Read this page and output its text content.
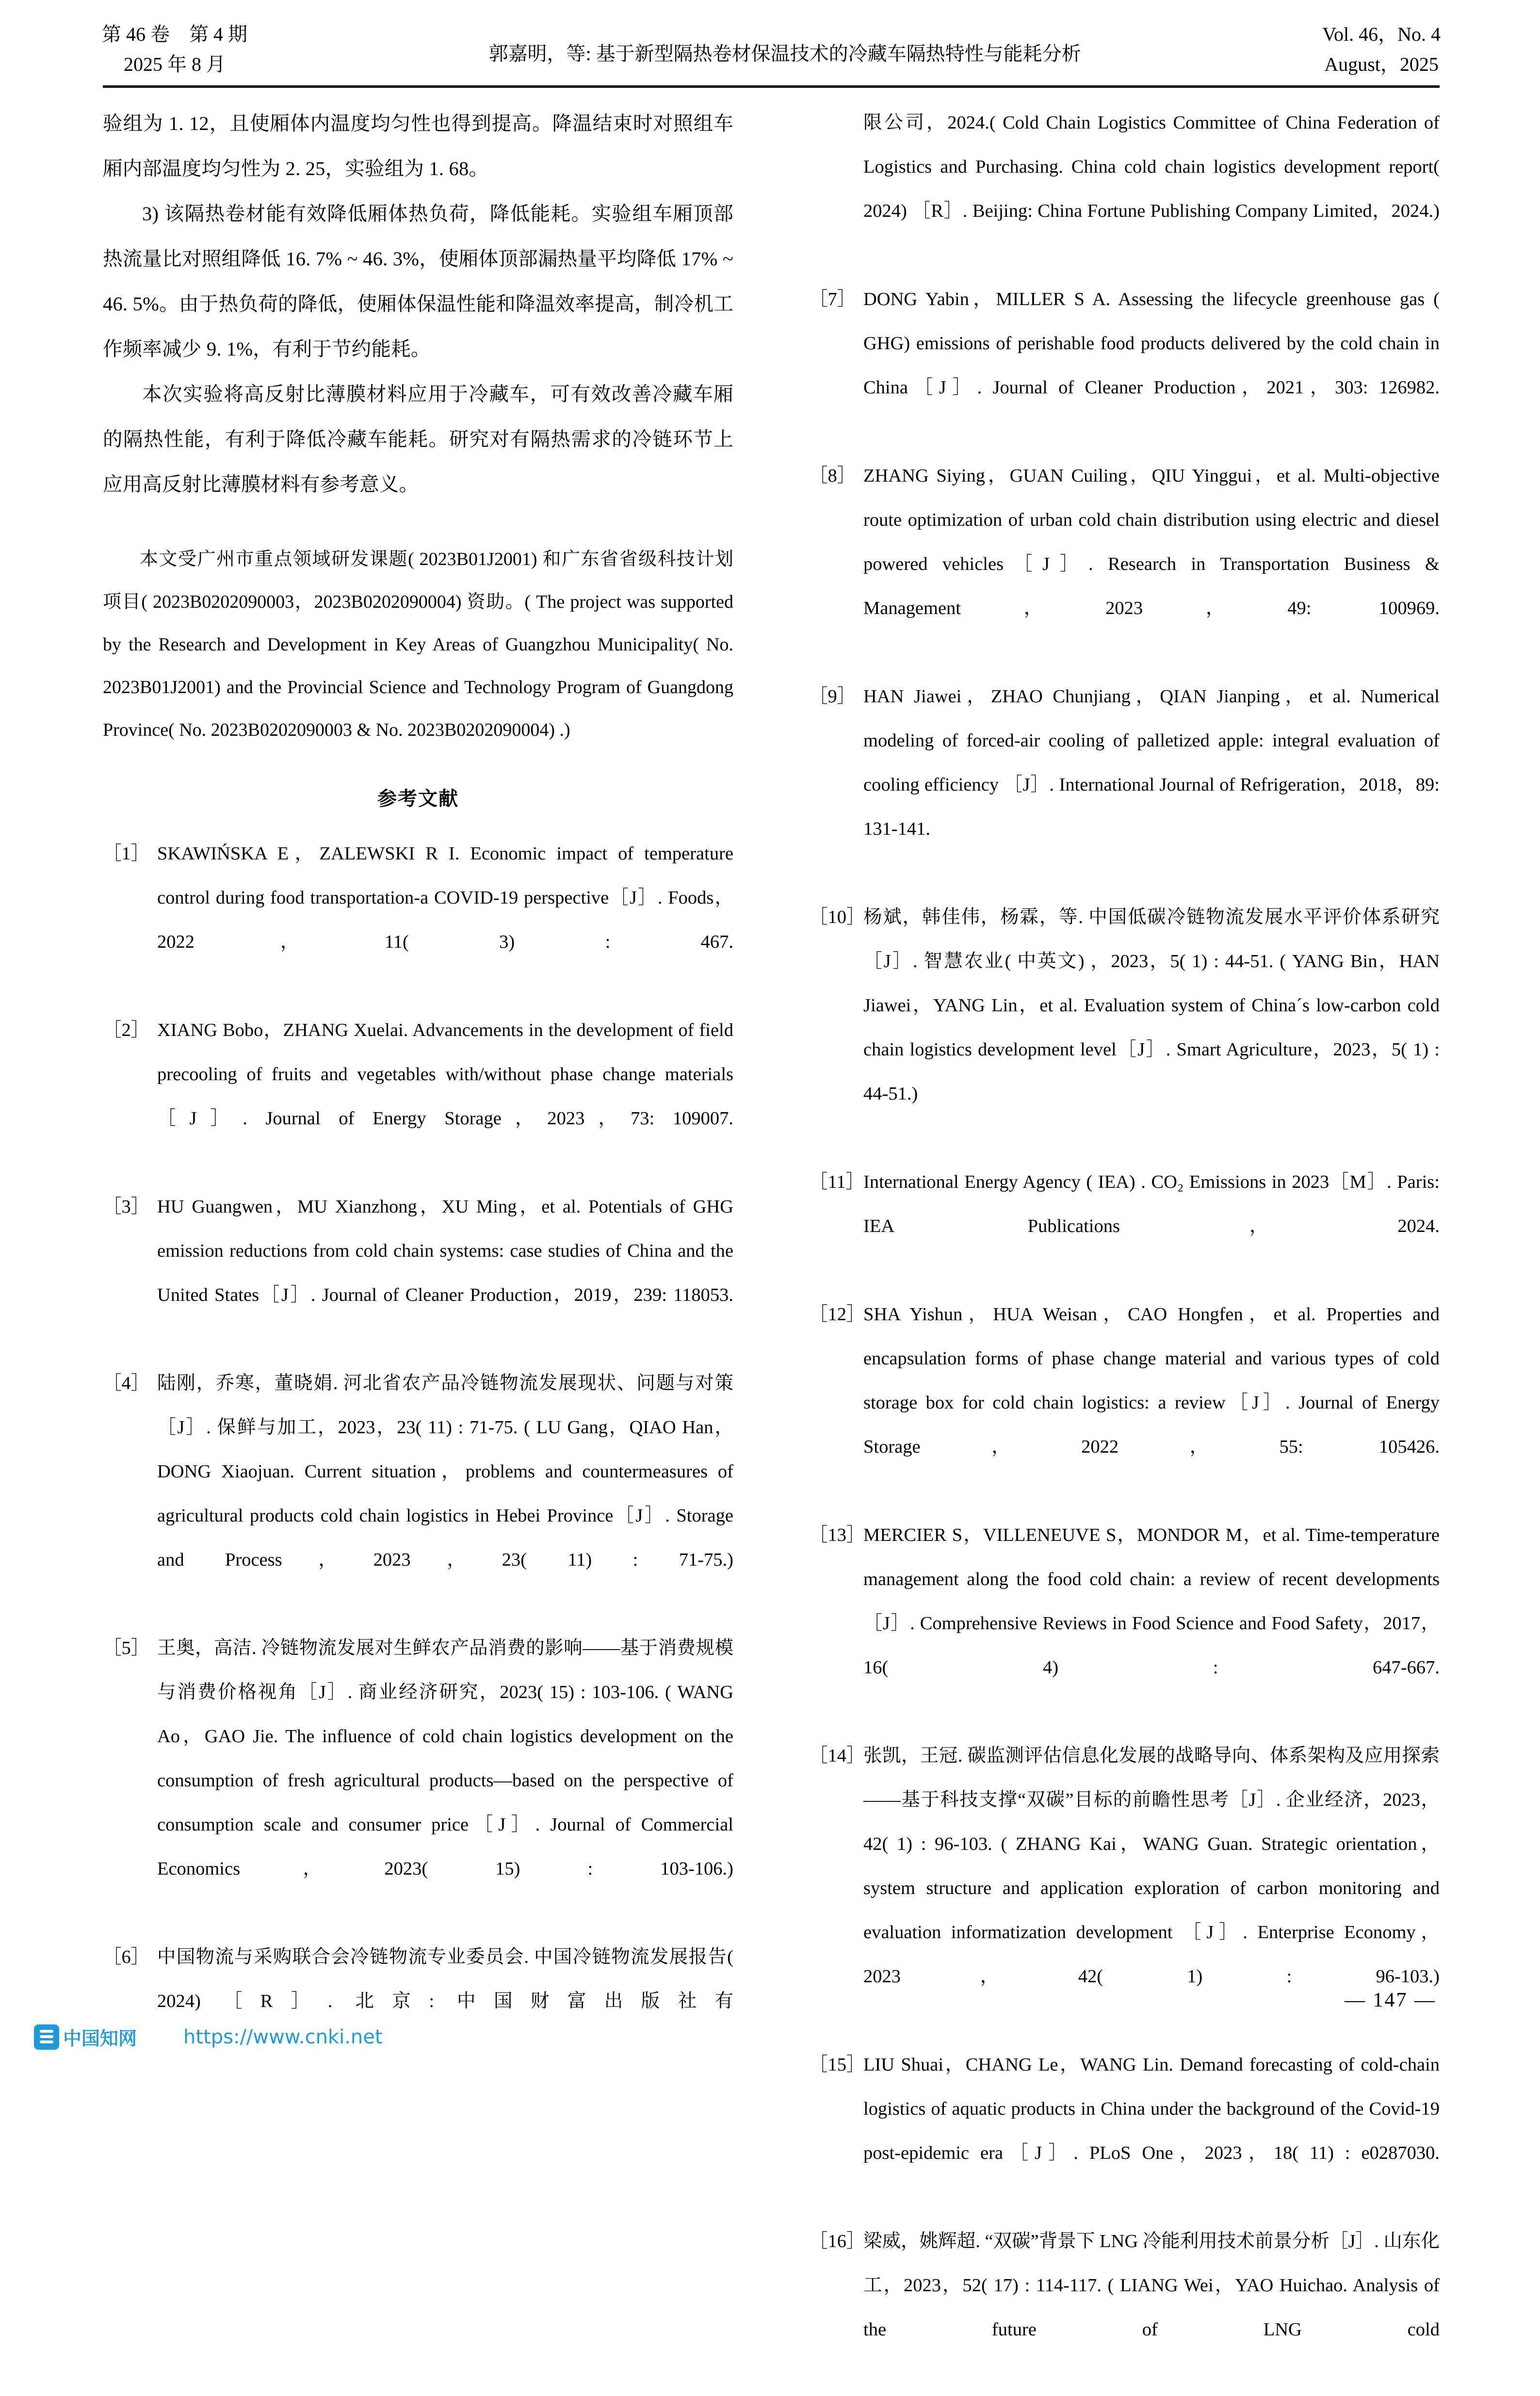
第 46 卷　第 4 期
2025 年 8 月	郭嘉明，等: 基于新型隔热卷材保温技术的冷藏车隔热特性与能耗分析
Vol. 46，No. 4
August，2025

验组为 1. 12，且使厢体内温度均匀性也得到提高。降温结束时对照组车厢内部温度均匀性为 2. 25，实验组为 1. 68。

3) 该隔热卷材能有效降低厢体热负荷，降低能耗。实验组车厢顶部热流量比对照组降低 16. 7% ~ 46. 3%，使厢体顶部漏热量平均降低 17% ~ 46. 5%。由于热负荷的降低，使厢体保温性能和降温效率提高，制冷机工作频率减少 9. 1%，有利于节约能耗。

本次实验将高反射比薄膜材料应用于冷藏车，可有效改善冷藏车厢的隔热性能，有利于降低冷藏车能耗。研究对有隔热需求的冷链环节上应用高反射比薄膜材料有参考意义。

本文受广州市重点领域研发课题( 2023B01J2001) 和广东省省级科技计划项目( 2023B0202090003，2023B0202090004) 资助。( The project was supported by the Research and Development in Key Areas of Guangzhou Municipality( No. 2023B01J2001) and the Provincial Science and Technology Program of Guangdong Province( No. 2023B0202090003 & No. 2023B0202090004) .)

参考文献
［1］ SKAWIŃSKA E，ZALEWSKI R I. Economic impact of temperature control during food transportation-a COVID-19 perspective［J］. Foods，2022，11( 3) : 467.
［2］ XIANG Bobo，ZHANG Xuelai. Advancements in the development of field precooling of fruits and vegetables with/without phase change materials［J］. Journal of Energy Storage，2023，73: 109007.
［3］ HU Guangwen，MU Xianzhong，XU Ming，et al. Potentials of GHG emission reductions from cold chain systems: case studies of China and the United States［J］. Journal of Cleaner Production，2019，239: 118053.
［4］ 陆刚，乔寒，董晓娟. 河北省农产品冷链物流发展现状、问题与对策［J］. 保鲜与加工，2023，23( 11) : 71-75. ( LU Gang，QIAO Han，DONG Xiaojuan. Current situation，problems and countermeasures of agricultural products cold chain logistics in Hebei Province［J］. Storage and Process，2023，23( 11) : 71-75.)
［5］ 王奥，高洁. 冷链物流发展对生鲜农产品消费的影响——基于消费规模与消费价格视角［J］. 商业经济研究，2023( 15) : 103-106. ( WANG Ao，GAO Jie. The influence of cold chain logistics development on the consumption of fresh agricultural products—based on the perspective of consumption scale and consumer price［J］. Journal of Commercial Economics，2023( 15) : 103-106.)
［6］ 中国物流与采购联合会冷链物流专业委员会. 中国冷链物流发展报告( 2024) ［R］. 北京: 中国财富出版社有
限公司，2024.( Cold Chain Logistics Committee of China Federation of Logistics and Purchasing. China cold chain logistics development report( 2024) ［R］. Beijing: China Fortune Publishing Company Limited，2024.)
［7］ DONG Yabin，MILLER S A. Assessing the lifecycle greenhouse gas ( GHG) emissions of perishable food products delivered by the cold chain in China［J］. Journal of Cleaner Production，2021，303: 126982.
［8］ ZHANG Siying，GUAN Cuiling，QIU Yinggui，et al. Multi-objective route optimization of urban cold chain distribution using electric and diesel powered vehicles［J］. Research in Transportation Business & Management，2023，49: 100969.
［9］ HAN Jiawei，ZHAO Chunjiang，QIAN Jianping，et al. Numerical modeling of forced-air cooling of palletized apple: integral evaluation of cooling efficiency ［J］. International Journal of Refrigeration，2018，89: 131-141.
［10］
杨斌，韩佳伟，杨霖，等. 中国低碳冷链物流发展水平评价体系研究［J］. 智慧农业( 中英文) ，2023，5( 1) : 44-51. ( YANG Bin，HAN Jiawei，YANG Lin，et al. Evaluation system of China´s low-carbon cold chain logistics development level［J］. Smart Agriculture，2023，5( 1) : 44-51.)
［11］
International Energy Agency ( IEA) . CO₂ Emissions in 2023［M］. Paris: IEA Publications，2024.
［12］
SHA Yishun，HUA Weisan，CAO Hongfen，et al. Properties and encapsulation forms of phase change material and various types of cold storage box for cold chain logistics: a review［J］. Journal of Energy Storage，2022，55: 105426.
［13］
MERCIER S，VILLENEUVE S，MONDOR M，et al. Time-temperature management along the food cold chain: a review of recent developments ［J］. Comprehensive Reviews in Food Science and Food Safety，2017，16( 4) : 647-667.
［14］
张凯，王冠. 碳监测评估信息化发展的战略导向、体系架构及应用探索——基于科技支撑“双碳”目标的前瞻性思考［J］. 企业经济，2023，42( 1) : 96-103. ( ZHANG Kai，WANG Guan. Strategic orientation，system structure and application exploration of carbon monitoring and evaluation informatization development ［J］. Enterprise Economy，2023，42( 1) : 96-103.)
［15］
LIU Shuai，CHANG Le，WANG Lin. Demand forecasting of cold-chain logistics of aquatic products in China under the background of the Covid-19 post-epidemic era［J］. PLoS One，2023，18( 11) : e0287030.
［16］
梁威，姚辉超. “双碳”背景下 LNG 冷能利用技术前景分析［J］. 山东化工，2023，52( 17) : 114-117. ( LIANG Wei，YAO Huichao. Analysis of the future of LNG cold
— 147 —
中国知网 https://www.cnki.net
